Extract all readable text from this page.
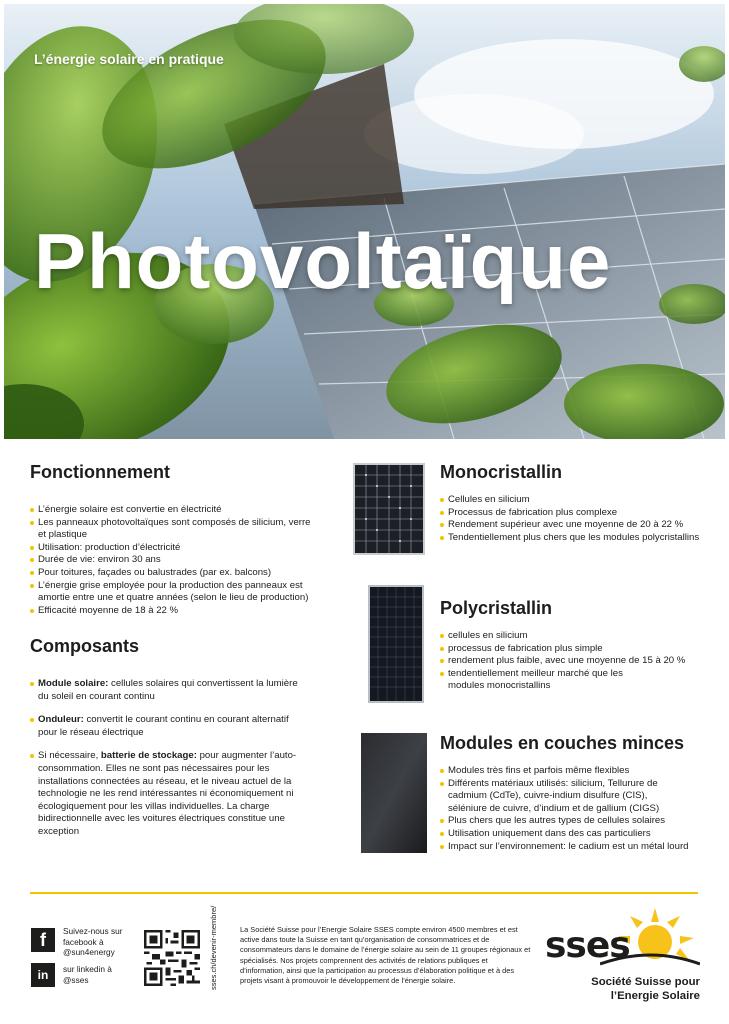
L’énergie solaire en pratique
Photovoltaïque
Fonctionnement
L’énergie solaire est convertie en électricité
Les panneaux photovoltaïques sont composés de silicium, verre et plastique
Utilisation: production d’électricité
Durée de vie: environ 30 ans
Pour toitures, façades ou balustrades (par ex. balcons)
L’énergie grise employée pour la production des panneaux est amortie entre une et quatre années (selon le lieu de production)
Efficacité moyenne de 18 à 22 %
Composants
Module solaire: cellules solaires qui convertissent la lumière du soleil en courant continu
Onduleur: convertit le courant continu en courant alternatif pour le réseau électrique
Si nécessaire, batterie de stockage: pour augmenter l’auto-consommation. Elles ne sont pas nécessaires pour les installations connectées au réseau, et le niveau actuel de la technologie ne les rend intéressantes ni économiquement ni écologiquement pour les villas individuelles. La charge bidirectionnelle avec les voitures électriques constitue une exception
Monocristallin
Cellules en silicium
Processus de fabrication plus complexe
Rendement supérieur avec une moyenne de 20 à 22 %
Tendentiellement plus chers que les modules polycristallins
Polycristallin
cellules en silicium
processus de fabrication plus simple
rendement plus faible, avec une moyenne de 15 à 20 %
tendentiellement meilleur marché que les modules monocristallins
Modules en couches minces
Modules très fins et parfois même flexibles
Différents matériaux utilisés: silicium, Tellurure de cadmium (CdTe), cuivre-indium disulfure (CIS), séléniure de cuivre, d’indium et de gallium (CIGS)
Plus chers que les autres types de cellules solaires
Utilisation uniquement dans des cas particuliers
Impact sur l’environnement: le cadium est un métal lourd
f	Suivez-nous sur facebook à @sun4energy
in	sur linkedin à @sses	sses.ch/devenir-membre/	La Société Suisse pour l’Energie Solaire SSES compte environ 4500 membres et est active dans toute la Suisse en tant qu’organisation de consommatrices et de consommateurs dans le domaine de l’énergie solaire au sein de 11 groupes régionaux et spécialisés. Nos projets comprennent des activités de relations publiques et d’information, ainsi que la participation au processus d’élaboration politique et à des projets visant à promouvoir le développement de l’énergie solaire.
sses
Société Suisse pour
l’Energie Solaire
